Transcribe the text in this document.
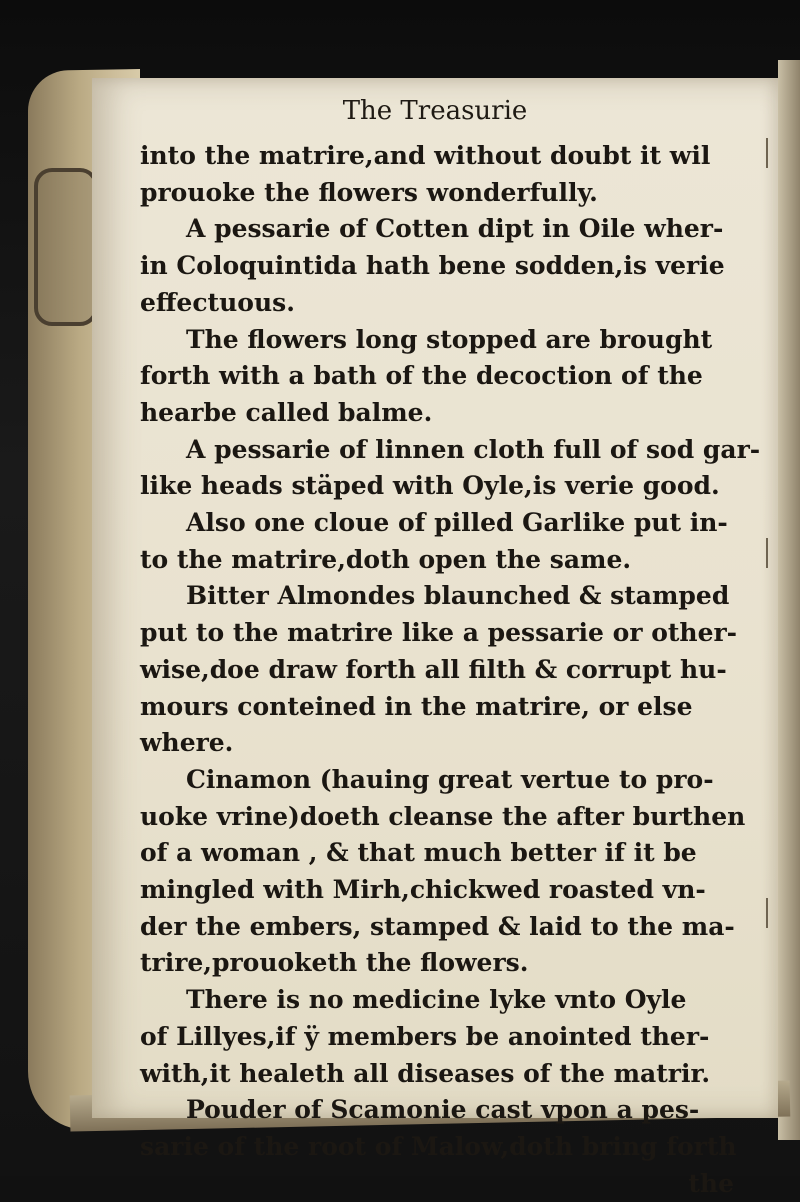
The Treasurie
into the matrire,and without doubt it wil
prouoke the flowers wonderfully.
A pessarie of Cotten dipt in Oile wher-
in Coloquintida hath bene sodden,is verie
effectuous.
The flowers long stopped are brought
forth with a bath of the decoction of the
hearbe called balme.
A pessarie of linnen cloth full of sod gar-
like heads stäped with Oyle,is verie good.
Also one cloue of pilled Garlike put in-
to the matrire,doth open the same.
Bitter Almondes blaunched & stamped
put to the matrire like a pessarie or other-
wise,doe draw forth all filth & corrupt hu-
mours conteined in the matrire, or else
where.
Cinamon (hauing great vertue to pro-
uoke vrine)doeth cleanse the after burthen
of a woman , & that much better if it be
mingled with Mirh,chickwed roasted vn-
der the embers, stamped & laid to the ma-
trire,prouoketh the flowers.
There is no medicine lyke vnto Oyle
of Lillyes,if ÿ members be anointed ther-
with,it healeth all diseases of the matrir.
Pouder of Scamonie cast vpon a pes-
sarie of the root of Malow,doth bring forth
the
